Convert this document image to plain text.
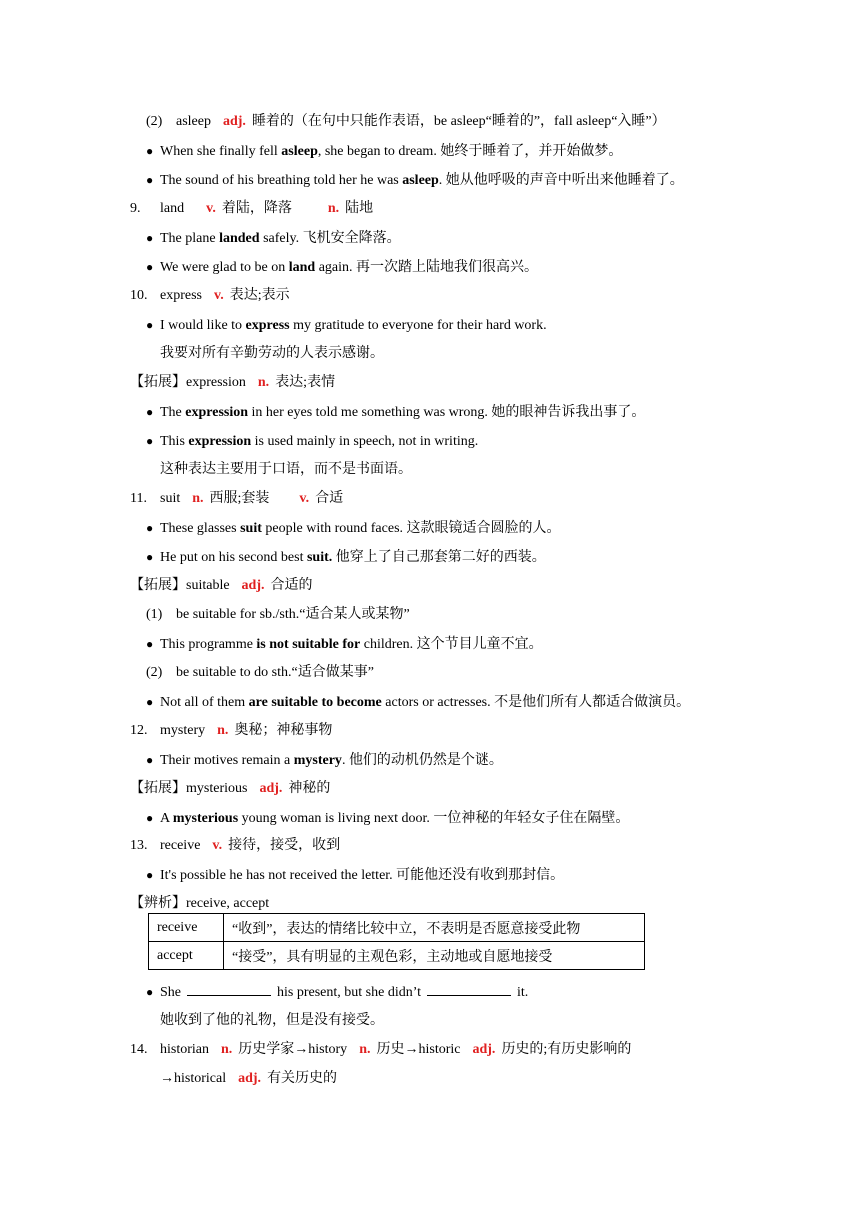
(2) asleep adj. 睡着的（在句中只能作表语，be asleep“睡着的”，fall asleep“入睡”）
● When she finally fell asleep, she began to dream. 她终于睡着了，并开始做梦。
● The sound of his breathing told her he was asleep. 她从他呼吸的声音中听出来他睡着了。
9. land v. 着陆，降落	n. 陆地
● The plane landed safely. 飞机安全降落。
● We were glad to be on land again. 再一次踏上陆地我们很高兴。
10. express v. 表达;表示
● I would like to express my gratitude to everyone for their hard work.
我要对所有辛勤劳动的人表示感谢。
【拓展】expression n. 表达;表情
● The expression in her eyes told me something was wrong. 她的眼神告诉我出事了。
● This expression is used mainly in speech, not in writing.
这种表达主要用于口语，而不是书面语。
11. suit n. 西服;套装 v. 合适
● These glasses suit people with round faces. 这款眼镜适合圆脸的人。
● He put on his second best suit. 他穿上了自己那套第二好的西装。
【拓展】suitable adj. 合适的
(1) be suitable for sb./sth.“适合某人或某物”
● This programme is not suitable for children. 这个节目儿童不宜。
(2) be suitable to do sth.“适合做某事”
● Not all of them are suitable to become actors or actresses. 不是他们所有人都适合做演员。
12. mystery n. 奥秘；神秘事物
● Their motives remain a mystery. 他们的动机仍然是个谜。
【拓展】mysterious adj. 神秘的
● A mysterious young woman is living next door. 一位神秘的年轻女子住在隔壁。
13. receive v. 接待，接受，收到
● It's possible he has not received the letter. 可能他还没有收到那封信。
【辨析】receive, accept
receive	“收到”，表达的情绪比较中立，不表明是否愿意接受此物
accept	“接受”，具有明显的主观色彩，主动地或自愿地接受
● She	his present, but she didn’t	it.
她收到了他的礼物，但是没有接受。
14. historian n. 历史学家→history n. 历史→historic adj. 历史的;有历史影响的
→historical adj. 有关历史的
